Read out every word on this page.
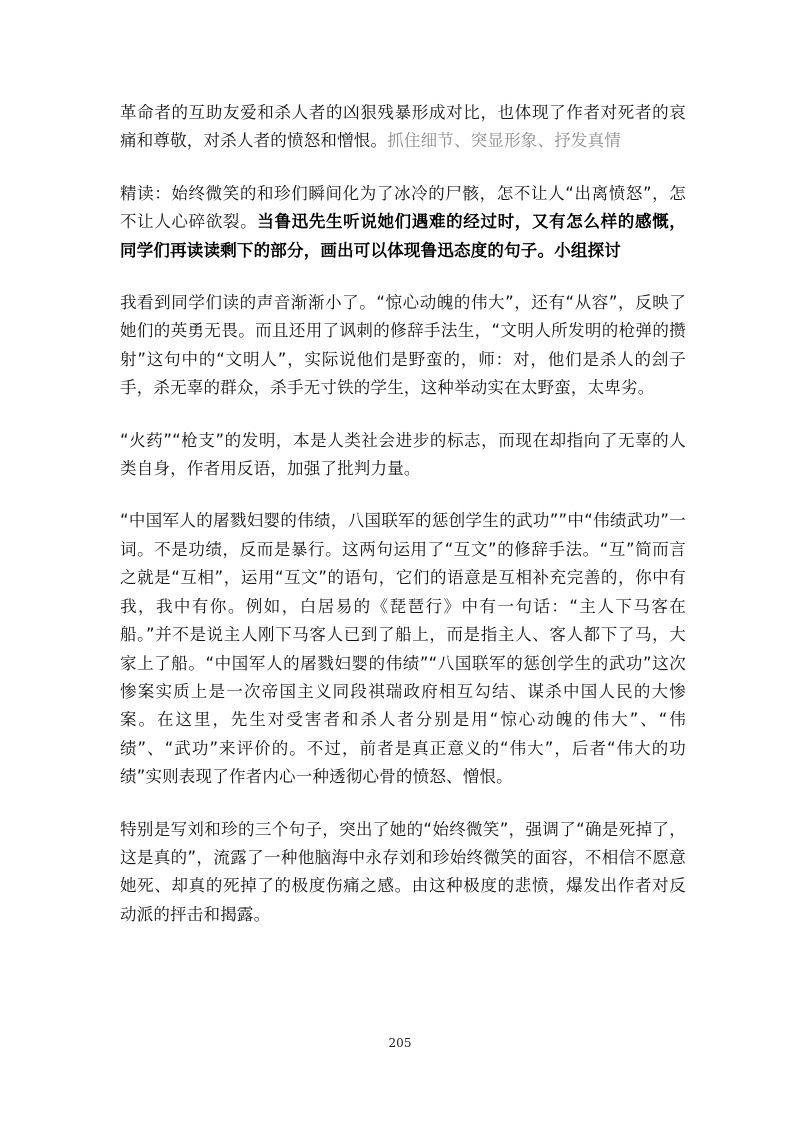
革命者的互助友爱和杀人者的凶狠残暴形成对比，也体现了作者对死者的哀痛和尊敬，对杀人者的愤怒和憎恨。抓住细节、突显形象、抒发真情

精读：始终微笑的和珍们瞬间化为了冰冷的尸骸，怎不让人“出离愤怒”，怎不让人心碎欲裂。当鲁迅先生听说她们遇难的经过时，又有怎么样的感慨，同学们再读读剩下的部分，画出可以体现鲁迅态度的句子。小组探讨

我看到同学们读的声音渐渐小了。“惊心动魄的伟大”，还有“从容”，反映了她们的英勇无畏。而且还用了讽刺的修辞手法生，“文明人所发明的枪弹的攒射”这句中的“文明人”，实际说他们是野蛮的，师：对，他们是杀人的刽子手，杀无辜的群众，杀手无寸铁的学生，这种举动实在太野蛮，太卑劣。

“火药”“枪支”的发明，本是人类社会进步的标志，而现在却指向了无辜的人类自身，作者用反语，加强了批判力量。

“中国军人的屠戮妇婴的伟绩，八国联军的惩创学生的武功””中“伟绩武功”一词。不是功绩，反而是暴行。这两句运用了“互文”的修辞手法。“互”简而言之就是“互相”，运用“互文”的语句，它们的语意是互相补充完善的，你中有我，我中有你。例如，白居易的《琵琶行》中有一句话：“主人下马客在船。”并不是说主人刚下马客人已到了船上，而是指主人、客人都下了马，大家上了船。“中国军人的屠戮妇婴的伟绩”“八国联军的惩创学生的武功”这次惨案实质上是一次帝国主义同段祺瑞政府相互勾结、谋杀中国人民的大惨案。在这里，先生对受害者和杀人者分别是用“惊心动魄的伟大”、“伟绩”、“武功”来评价的。不过，前者是真正意义的“伟大”，后者“伟大的功绩”实则表现了作者内心一种透彻心骨的愤怒、憎恨。

特别是写刘和珍的三个句子，突出了她的“始终微笑”，强调了“确是死掉了，这是真的”，流露了一种他脑海中永存刘和珍始终微笑的面容，不相信不愿意她死、却真的死掉了的极度伤痛之感。由这种极度的悲愤，爆发出作者对反动派的抨击和揭露。

205
